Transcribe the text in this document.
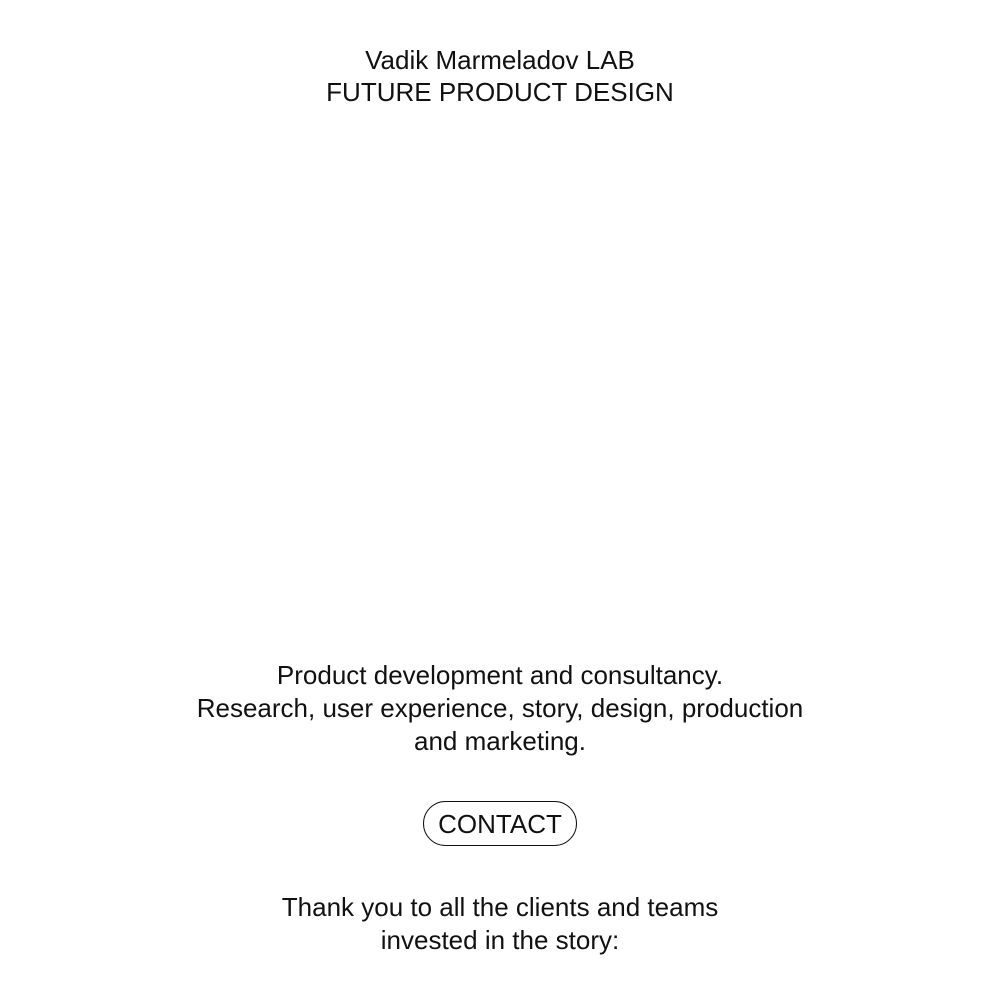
Vadik Marmeladov LAB
FUTURE PRODUCT DESIGN
Product development and consultancy.
Research, user experience, story, design, production
and marketing.
CONTACT
Thank you to all the clients and teams
invested in the story:
